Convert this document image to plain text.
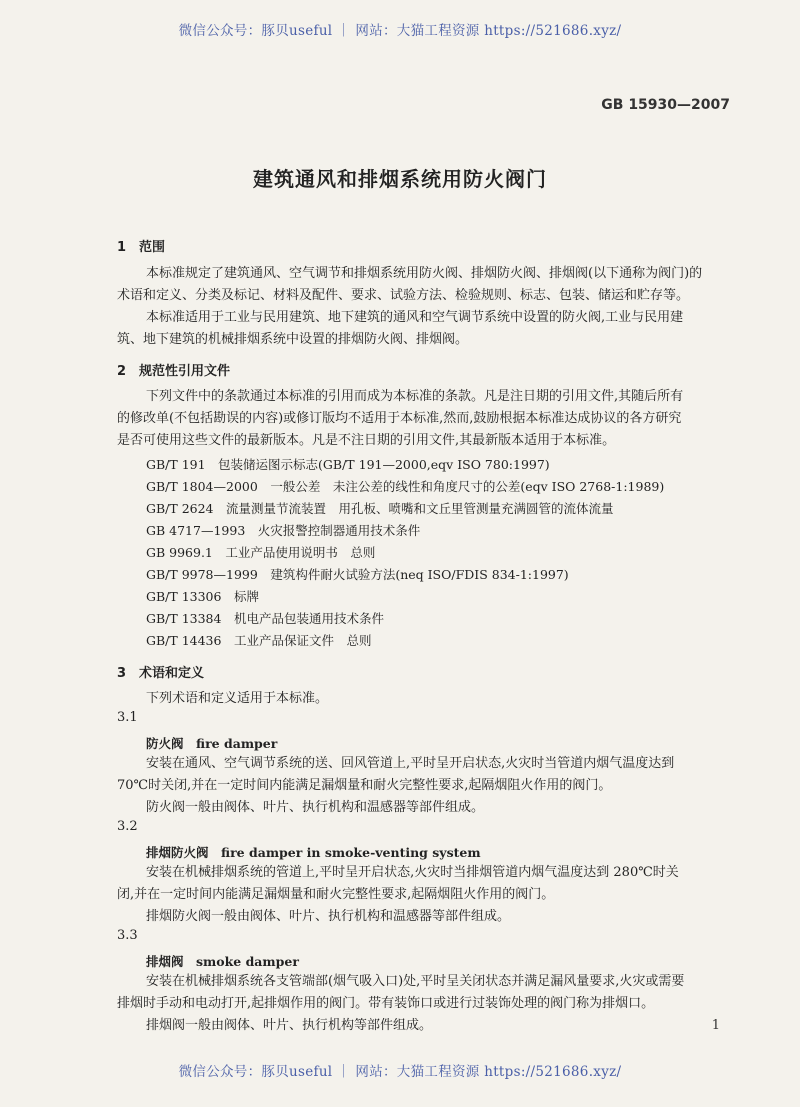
微信公众号：豚贝useful ｜ 网站：大猫工程资源 https://521686.xyz/
微信公众号：豚贝useful ｜ 网站：大猫工程资源 https://521686.xyz/
GB 15930—2007
建筑通风和排烟系统用防火阀门
1　范围
本标准规定了建筑通风、空气调节和排烟系统用防火阀、排烟防火阀、排烟阀(以下通称为阀门)的
术语和定义、分类及标记、材料及配件、要求、试验方法、检验规则、标志、包装、储运和贮存等。
本标准适用于工业与民用建筑、地下建筑的通风和空气调节系统中设置的防火阀,工业与民用建
筑、地下建筑的机械排烟系统中设置的排烟防火阀、排烟阀。
2　规范性引用文件
下列文件中的条款通过本标准的引用而成为本标准的条款。凡是注日期的引用文件,其随后所有
的修改单(不包括勘误的内容)或修订版均不适用于本标准,然而,鼓励根据本标准达成协议的各方研究
是否可使用这些文件的最新版本。凡是不注日期的引用文件,其最新版本适用于本标准。
GB/T 191　包装储运图示标志(GB/T 191—2000,eqv ISO 780:1997)
GB/T 1804—2000　一般公差　未注公差的线性和角度尺寸的公差(eqv ISO 2768-1:1989)
GB/T 2624　流量测量节流装置　用孔板、喷嘴和文丘里管测量充满圆管的流体流量
GB 4717—1993　火灾报警控制器通用技术条件
GB 9969.1　工业产品使用说明书　总则
GB/T 9978—1999　建筑构件耐火试验方法(neq ISO/FDIS 834-1:1997)
GB/T 13306　标牌
GB/T 13384　机电产品包装通用技术条件
GB/T 14436　工业产品保证文件　总则
3　术语和定义
下列术语和定义适用于本标准。
3.1
防火阀　fire damper
安装在通风、空气调节系统的送、回风管道上,平时呈开启状态,火灾时当管道内烟气温度达到
70℃时关闭,并在一定时间内能满足漏烟量和耐火完整性要求,起隔烟阻火作用的阀门。
防火阀一般由阀体、叶片、执行机构和温感器等部件组成。
3.2
排烟防火阀　fire damper in smoke-venting system
安装在机械排烟系统的管道上,平时呈开启状态,火灾时当排烟管道内烟气温度达到 280℃时关
闭,并在一定时间内能满足漏烟量和耐火完整性要求,起隔烟阻火作用的阀门。
排烟防火阀一般由阀体、叶片、执行机构和温感器等部件组成。
3.3
排烟阀　smoke damper
安装在机械排烟系统各支管端部(烟气吸入口)处,平时呈关闭状态并满足漏风量要求,火灾或需要
排烟时手动和电动打开,起排烟作用的阀门。带有装饰口或进行过装饰处理的阀门称为排烟口。
排烟阀一般由阀体、叶片、执行机构等部件组成。	1
